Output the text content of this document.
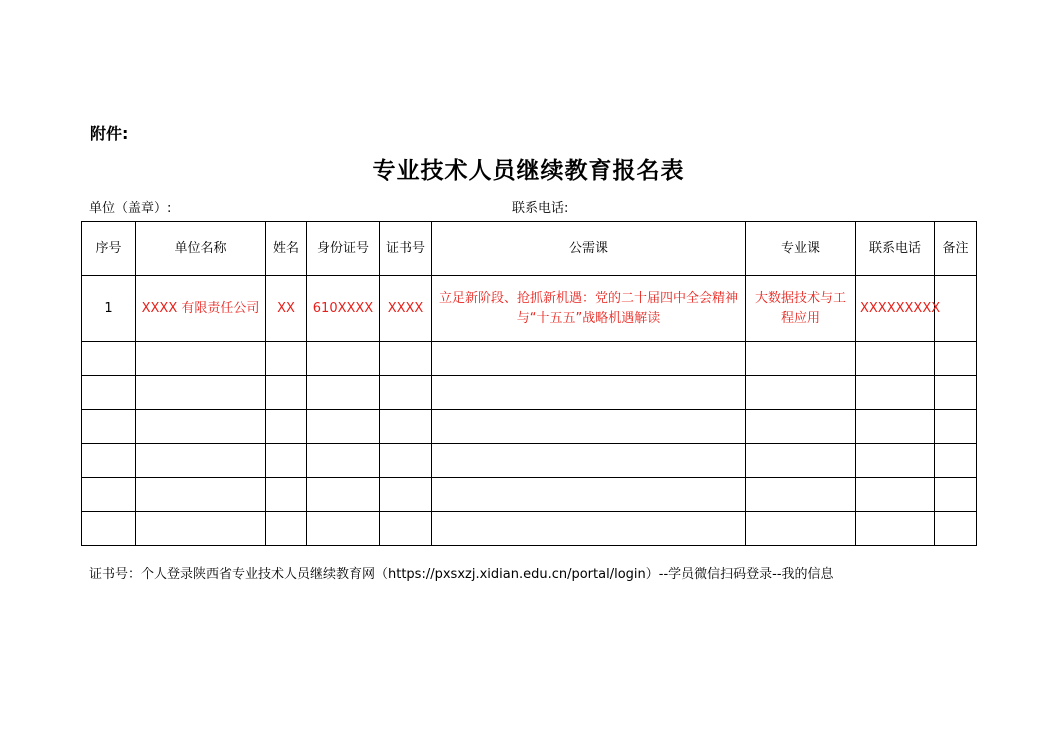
附件:
专业技术人员继续教育报名表
单位（盖章）:	联系电话:
序号	单位名称	姓名	身份证号	证书号	公需课	专业课	联系电话	备注
1	XXXX 有限责任公司	XX	610XXXX	XXXX	立足新阶段、抢抓新机遇：党的二十届四中全会精神与“十五五”战略机遇解读	大数据技术与工程应用	XXXXXXXXX	

证书号：个人登录陕西省专业技术人员继续教育网（https://pxsxzj.xidian.edu.cn/portal/login）--学员微信扫码登录--我的信息
